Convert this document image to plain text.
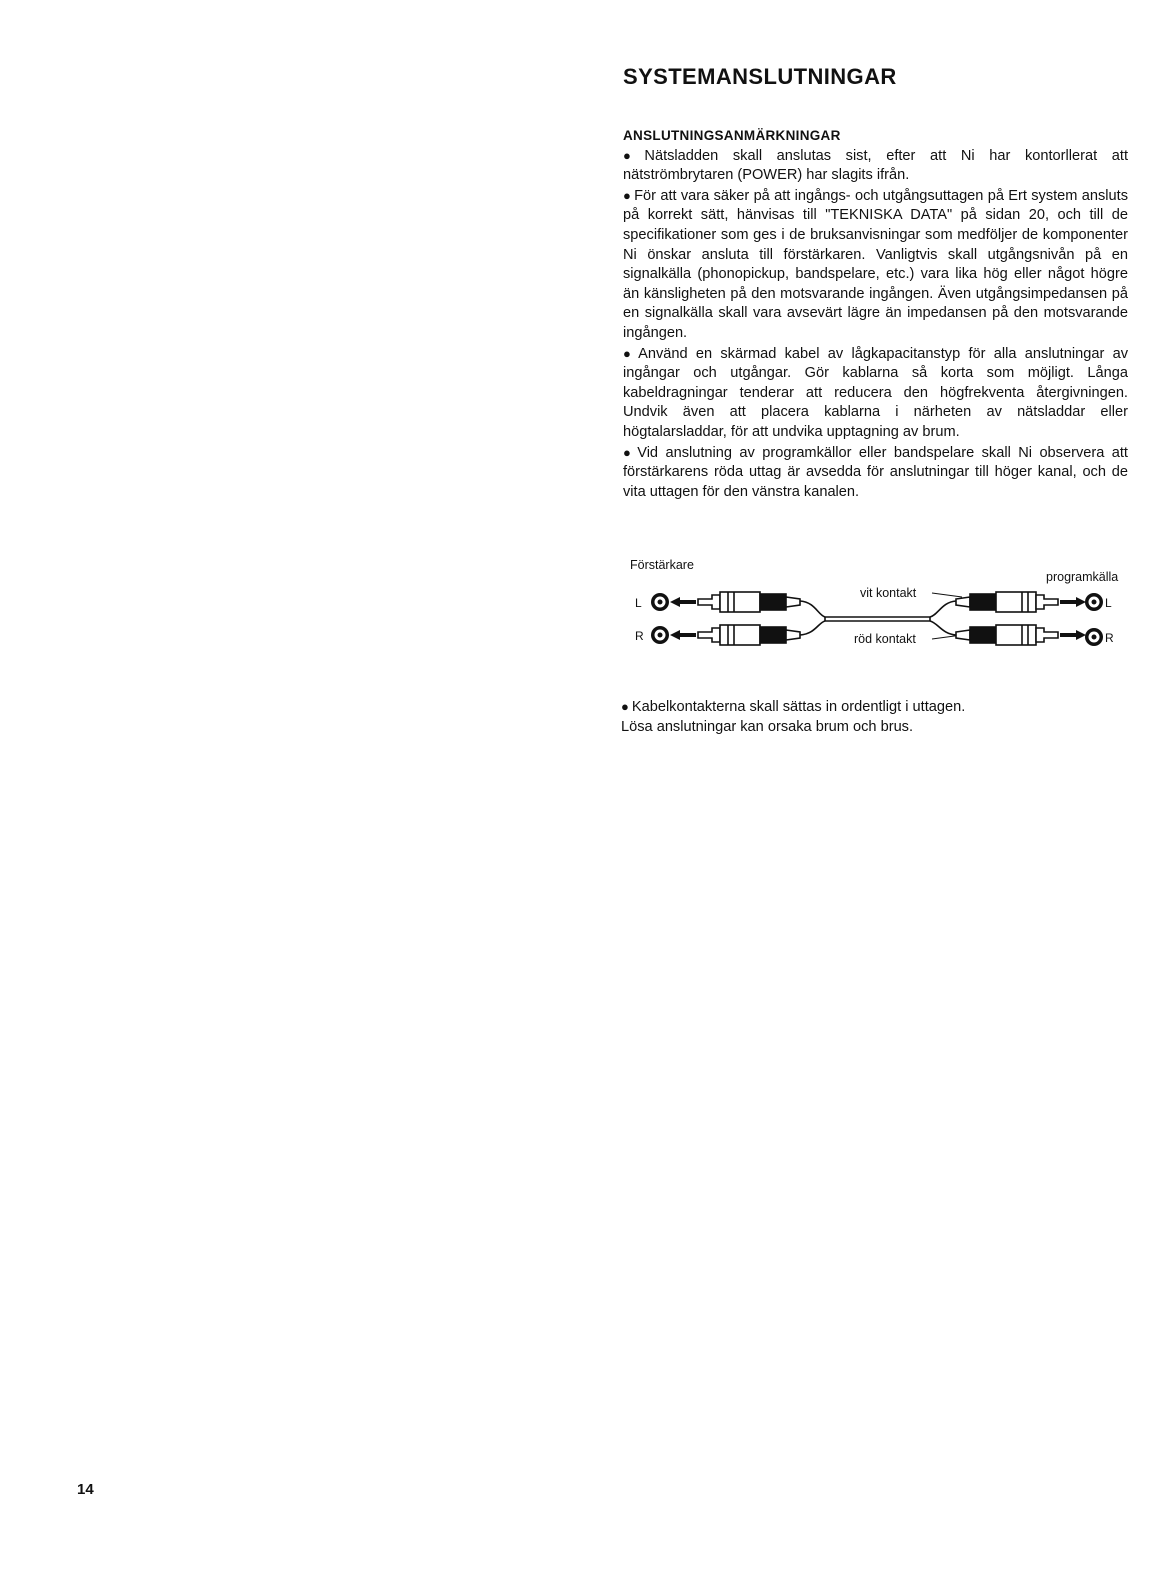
SYSTEMANSLUTNINGAR
ANSLUTNINGSANMÄRKNINGAR

● Nätsladden skall anslutas sist, efter att Ni har kontorllerat att nätströmbrytaren (POWER) har slagits ifrån.

● För att vara säker på att ingångs- och utgångsuttagen på Ert system ansluts på korrekt sätt, hänvisas till "TEKNISKA DATA" på sidan 20, och till de specifikationer som ges i de bruksanvisningar som medföljer de komponenter Ni önskar ansluta till förstärkaren. Vanligtvis skall utgångsnivån på en signalkälla (phonopickup, bandspelare, etc.) vara lika hög eller något högre än känsligheten på den motsvarande ingången. Även utgångsimpedansen på en signalkälla skall vara avsevärt lägre än impedansen på den motsvarande ingången.

● Använd en skärmad kabel av lågkapacitanstyp för alla anslutningar av ingångar och utgångar. Gör kablarna så korta som möjligt. Långa kabeldragningar tenderar att reducera den högfrekventa återgivningen. Undvik även att placera kablarna i närheten av nätsladdar eller högtalarsladdar, för att undvika upptagning av brum.

● Vid anslutning av programkällor eller bandspelare skall Ni observera att förstärkarens röda uttag är avsedda för anslutningar till höger kanal, och de vita uttagen för den vänstra kanalen.

Förstärkare
programkälla
vit kontakt
röd kontakt
L
R
L
R
● Kabelkontakterna skall sättas in ordentligt i uttagen.
Lösa anslutningar kan orsaka brum och brus.
14
